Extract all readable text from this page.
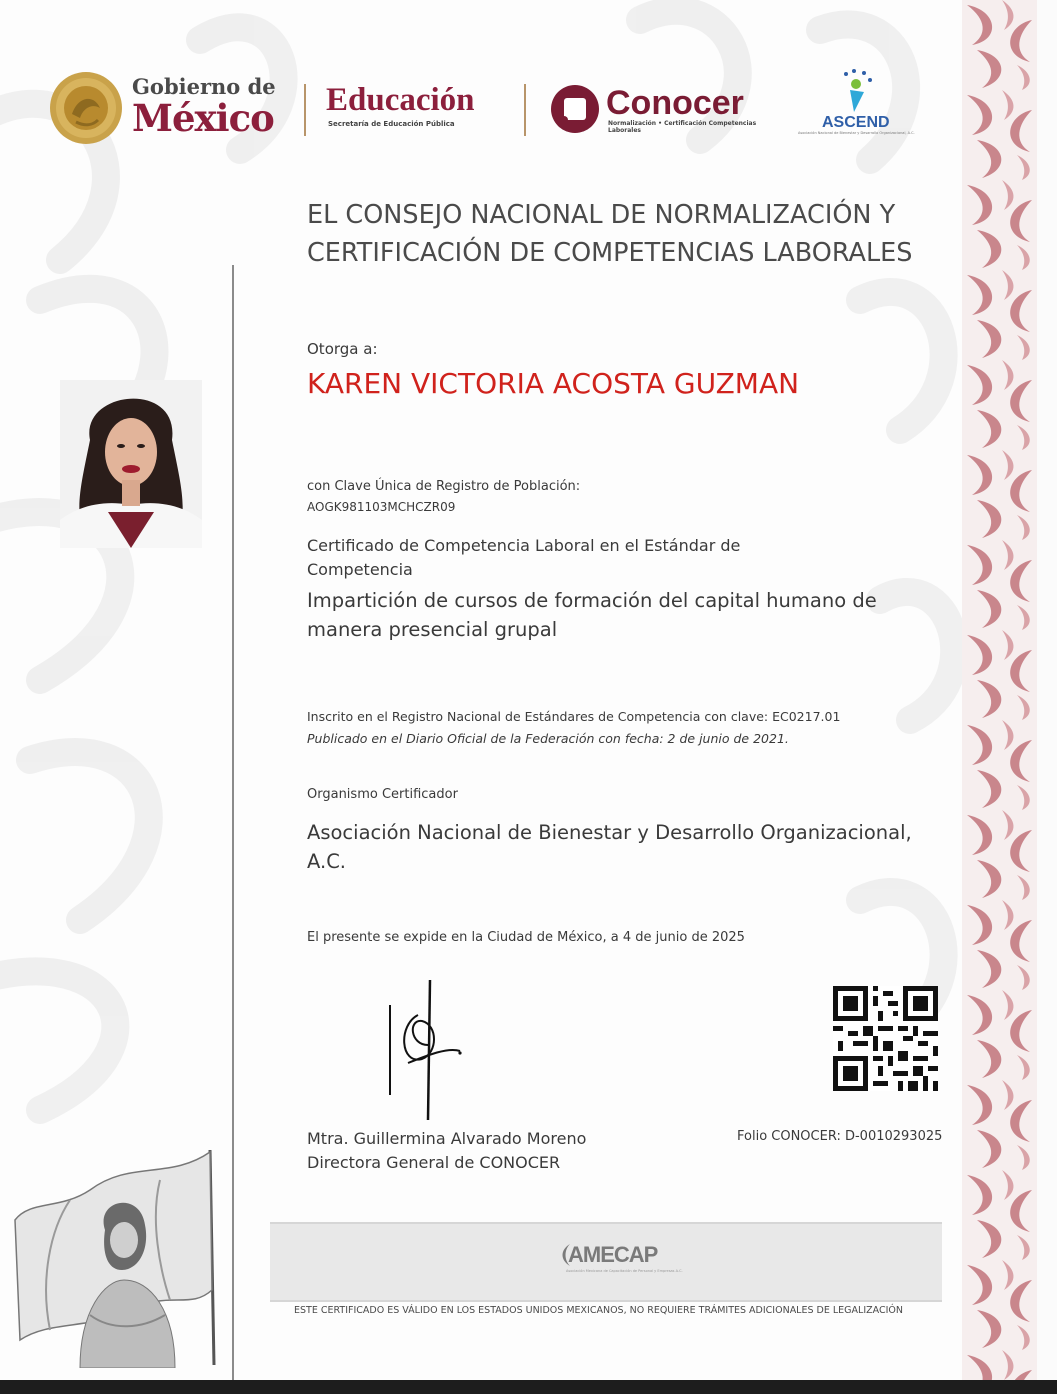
Gobierno de
México Educación
Secretaría de Educación Pública
Conocer
Normalización • Certificación Competencias Laborales	ASCEND
Asociación Nacional de Bienestar y Desarrollo Organizacional, A.C.
EL CONSEJO NACIONAL DE NORMALIZACIÓN Y CERTIFICACIÓN DE COMPETENCIAS LABORALES
Otorga a:
KAREN VICTORIA ACOSTA GUZMAN
con Clave Única de Registro de Población:
AOGK981103MCHCZR09
Certificado de Competencia Laboral en el Estándar de Competencia
Impartición de cursos de formación del capital humano de manera presencial grupal
Inscrito en el Registro Nacional de Estándares de Competencia con clave: EC0217.01
Publicado en el Diario Oficial de la Federación con fecha: 2 de junio de 2021.
Organismo Certificador
Asociación Nacional de Bienestar y Desarrollo Organizacional, A.C.
El presente se expide en la Ciudad de México, a 4 de junio de 2025
Mtra. Guillermina Alvarado Moreno
Directora General de CONOCER
Folio CONOCER: D-0010293025
AMECAP
Asociación Mexicana de Capacitación de Personal y Empresas A.C.
ESTE CERTIFICADO ES VÁLIDO EN LOS ESTADOS UNIDOS MEXICANOS, NO REQUIERE TRÁMITES ADICIONALES DE LEGALIZACIÓN
